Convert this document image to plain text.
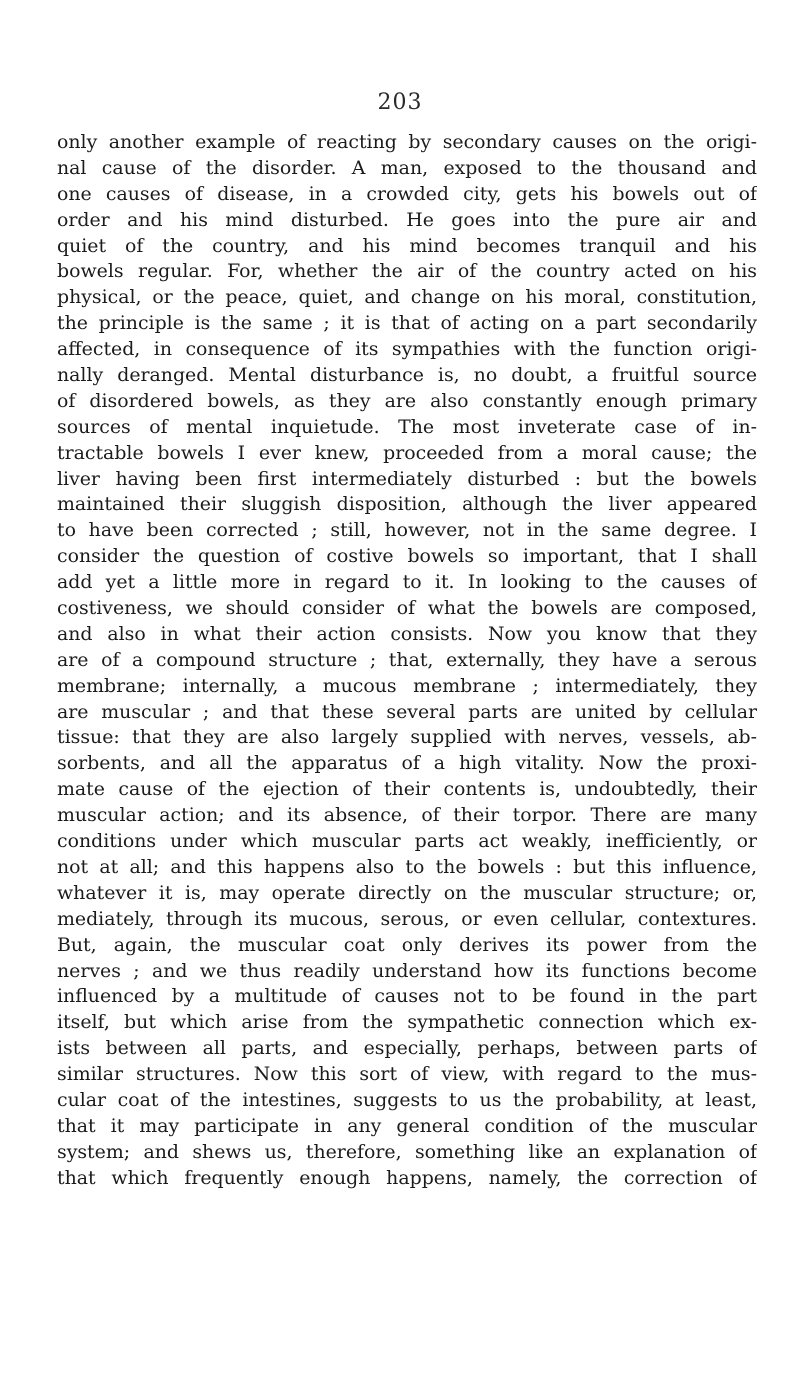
203
only another example of reacting by secondary causes on the origi-
nal cause of the disorder. A man, exposed to the thousand and
one causes of disease, in a crowded city, gets his bowels out of
order and his mind disturbed. He goes into the pure air and
quiet of the country, and his mind becomes tranquil and his
bowels regular. For, whether the air of the country acted on his
physical, or the peace, quiet, and change on his moral, constitution,
the principle is the same ; it is that of acting on a part secondarily
affected, in consequence of its sympathies with the function origi-
nally deranged. Mental disturbance is, no doubt, a fruitful source
of disordered bowels, as they are also constantly enough primary
sources of mental inquietude. The most inveterate case of in-
tractable bowels I ever knew, proceeded from a moral cause; the
liver having been first intermediately disturbed : but the bowels
maintained their sluggish disposition, although the liver appeared
to have been corrected ; still, however, not in the same degree. I
consider the question of costive bowels so important, that I shall
add yet a little more in regard to it. In looking to the causes of
costiveness, we should consider of what the bowels are composed,
and also in what their action consists. Now you know that they
are of a compound structure ; that, externally, they have a serous
membrane; internally, a mucous membrane ; intermediately, they
are muscular ; and that these several parts are united by cellular
tissue: that they are also largely supplied with nerves, vessels, ab-
sorbents, and all the apparatus of a high vitality. Now the proxi-
mate cause of the ejection of their contents is, undoubtedly, their
muscular action; and its absence, of their torpor. There are many
conditions under which muscular parts act weakly, inefficiently, or
not at all; and this happens also to the bowels : but this influence,
whatever it is, may operate directly on the muscular structure; or,
mediately, through its mucous, serous, or even cellular, contextures.
But, again, the muscular coat only derives its power from the
nerves ; and we thus readily understand how its functions become
influenced by a multitude of causes not to be found in the part
itself, but which arise from the sympathetic connection which ex-
ists between all parts, and especially, perhaps, between parts of
similar structures. Now this sort of view, with regard to the mus-
cular coat of the intestines, suggests to us the probability, at least,
that it may participate in any general condition of the muscular
system; and shews us, therefore, something like an explanation of
that which frequently enough happens, namely, the correction of
